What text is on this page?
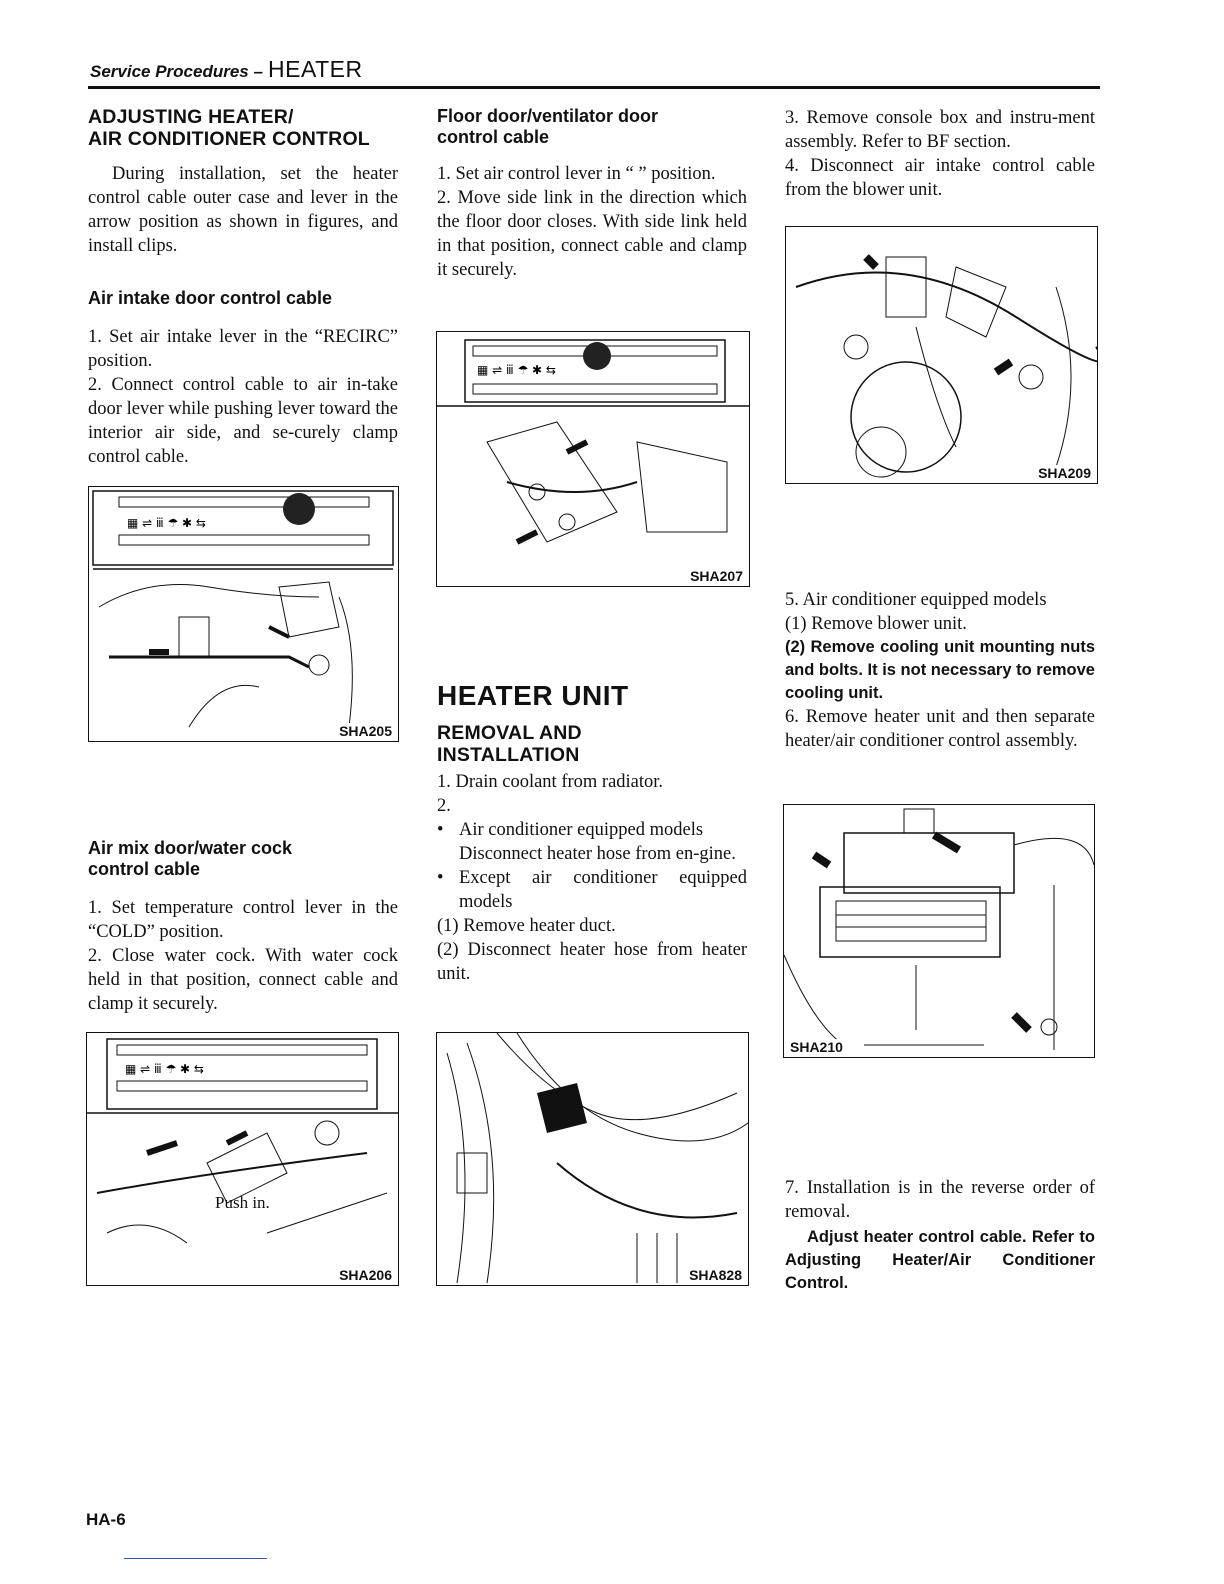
Service Procedures – HEATER
ADJUSTING HEATER/
AIR CONDITIONER CONTROL

During installation, set the heater control cable outer case and lever in the arrow position as shown in figures, and install clips.

Air intake door control cable

1. Set air intake lever in the “RECIRC” position.

2. Connect control cable to air in-take door lever while pushing lever toward the interior air side, and se-curely clamp control cable.

▦ ⇌ ⅲ ☂ ✱ ⇆
SHA205
Air mix door/water cock
control cable

1. Set temperature control lever in the “COLD” position.

2. Close water cock. With water cock held in that position, connect cable and clamp it securely.

▦ ⇌ ⅲ ☂ ✱ ⇆
Push in.
SHA206
Floor door/ventilator door
control cable

1. Set air control lever in “ ” position.

2. Move side link in the direction which the floor door closes. With side link held in that position, connect cable and clamp it securely.

▦ ⇌ ⅲ ☂ ✱ ⇆
SHA207
HEATER UNIT
REMOVAL AND
INSTALLATION

1. Drain coolant from radiator.

2.

• Air conditioner equipped models

Disconnect heater hose from en-gine.

• Except air conditioner equipped models

(1) Remove heater duct.

(2) Disconnect heater hose from heater unit.

SHA828

3. Remove console box and instru-ment assembly. Refer to BF section.

4. Disconnect air intake control cable from the blower unit.

SHA209

5. Air conditioner equipped models

(1) Remove blower unit.

(2) Remove cooling unit mounting nuts and bolts. It is not necessary to remove cooling unit.

6. Remove heater unit and then separate heater/air conditioner control assembly.

SHA210

7. Installation is in the reverse order of removal.

Adjust heater control cable. Refer to Adjusting Heater/Air Conditioner Control.

HA-6
